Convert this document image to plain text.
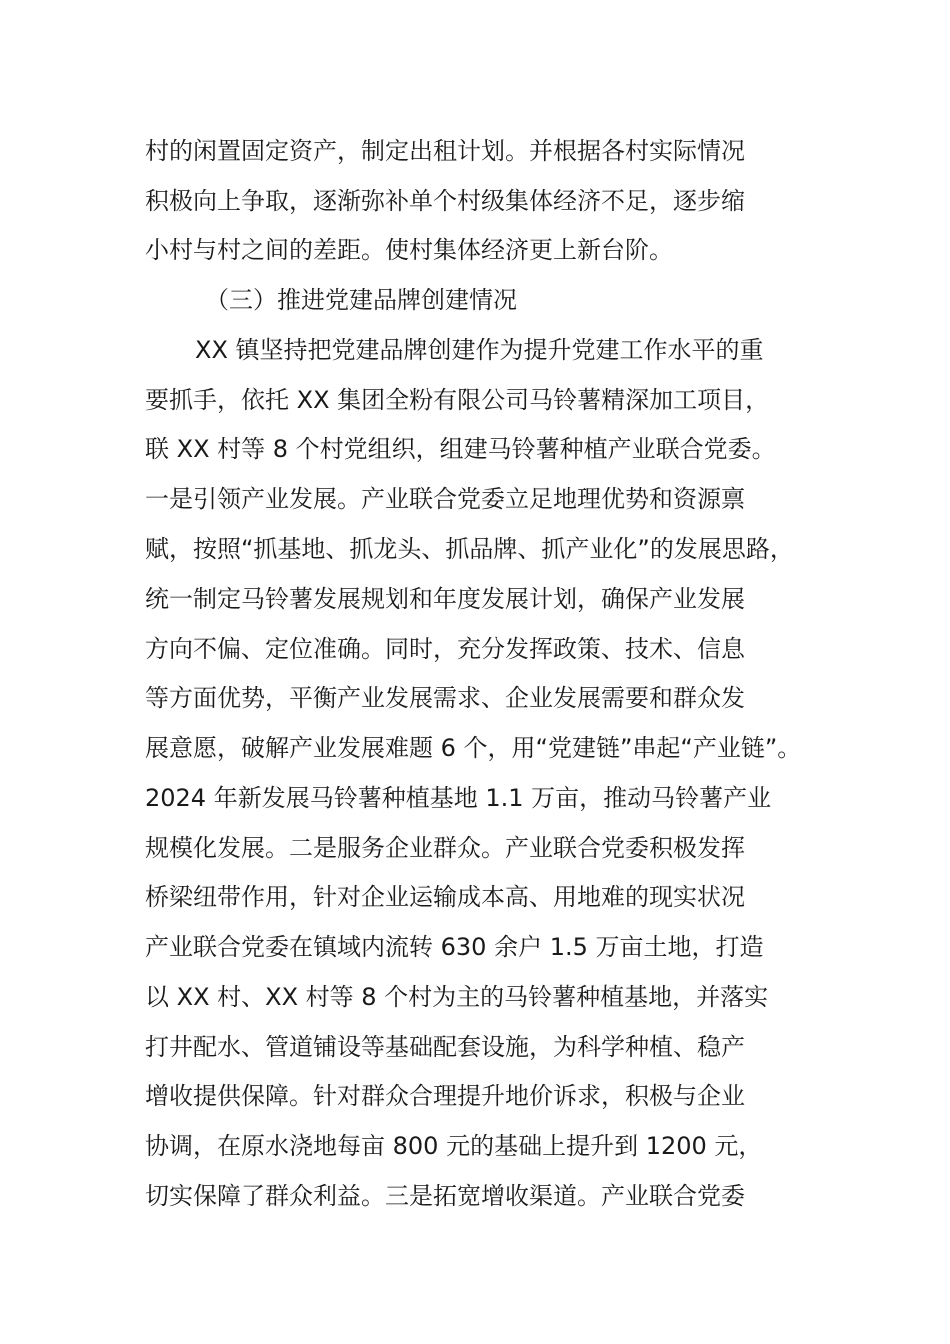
村的闲置固定资产，制定出租计划。并根据各村实际情况

积极向上争取，逐渐弥补单个村级集体经济不足，逐步缩

小村与村之间的差距。使村集体经济更上新台阶。

（三）推进党建品牌创建情况

XX 镇坚持把党建品牌创建作为提升党建工作水平的重

要抓手，依托 XX 集团全粉有限公司马铃薯精深加工项目，

联 XX 村等 8 个村党组织，组建马铃薯种植产业联合党委。

一是引领产业发展。产业联合党委立足地理优势和资源禀

赋，按照“抓基地、抓龙头、抓品牌、抓产业化”的发展思路，

统一制定马铃薯发展规划和年度发展计划，确保产业发展

方向不偏、定位准确。同时，充分发挥政策、技术、信息

等方面优势，平衡产业发展需求、企业发展需要和群众发

展意愿，破解产业发展难题 6 个，用“党建链”串起“产业链”。

2024 年新发展马铃薯种植基地 1.1 万亩，推动马铃薯产业

规模化发展。二是服务企业群众。产业联合党委积极发挥

桥梁纽带作用，针对企业运输成本高、用地难的现实状况

产业联合党委在镇域内流转 630 余户 1.5 万亩土地，打造

以 XX 村、XX 村等 8 个村为主的马铃薯种植基地，并落实

打井配水、管道铺设等基础配套设施，为科学种植、稳产

增收提供保障。针对群众合理提升地价诉求，积极与企业

协调，在原水浇地每亩 800 元的基础上提升到 1200 元，

切实保障了群众利益。三是拓宽增收渠道。产业联合党委
